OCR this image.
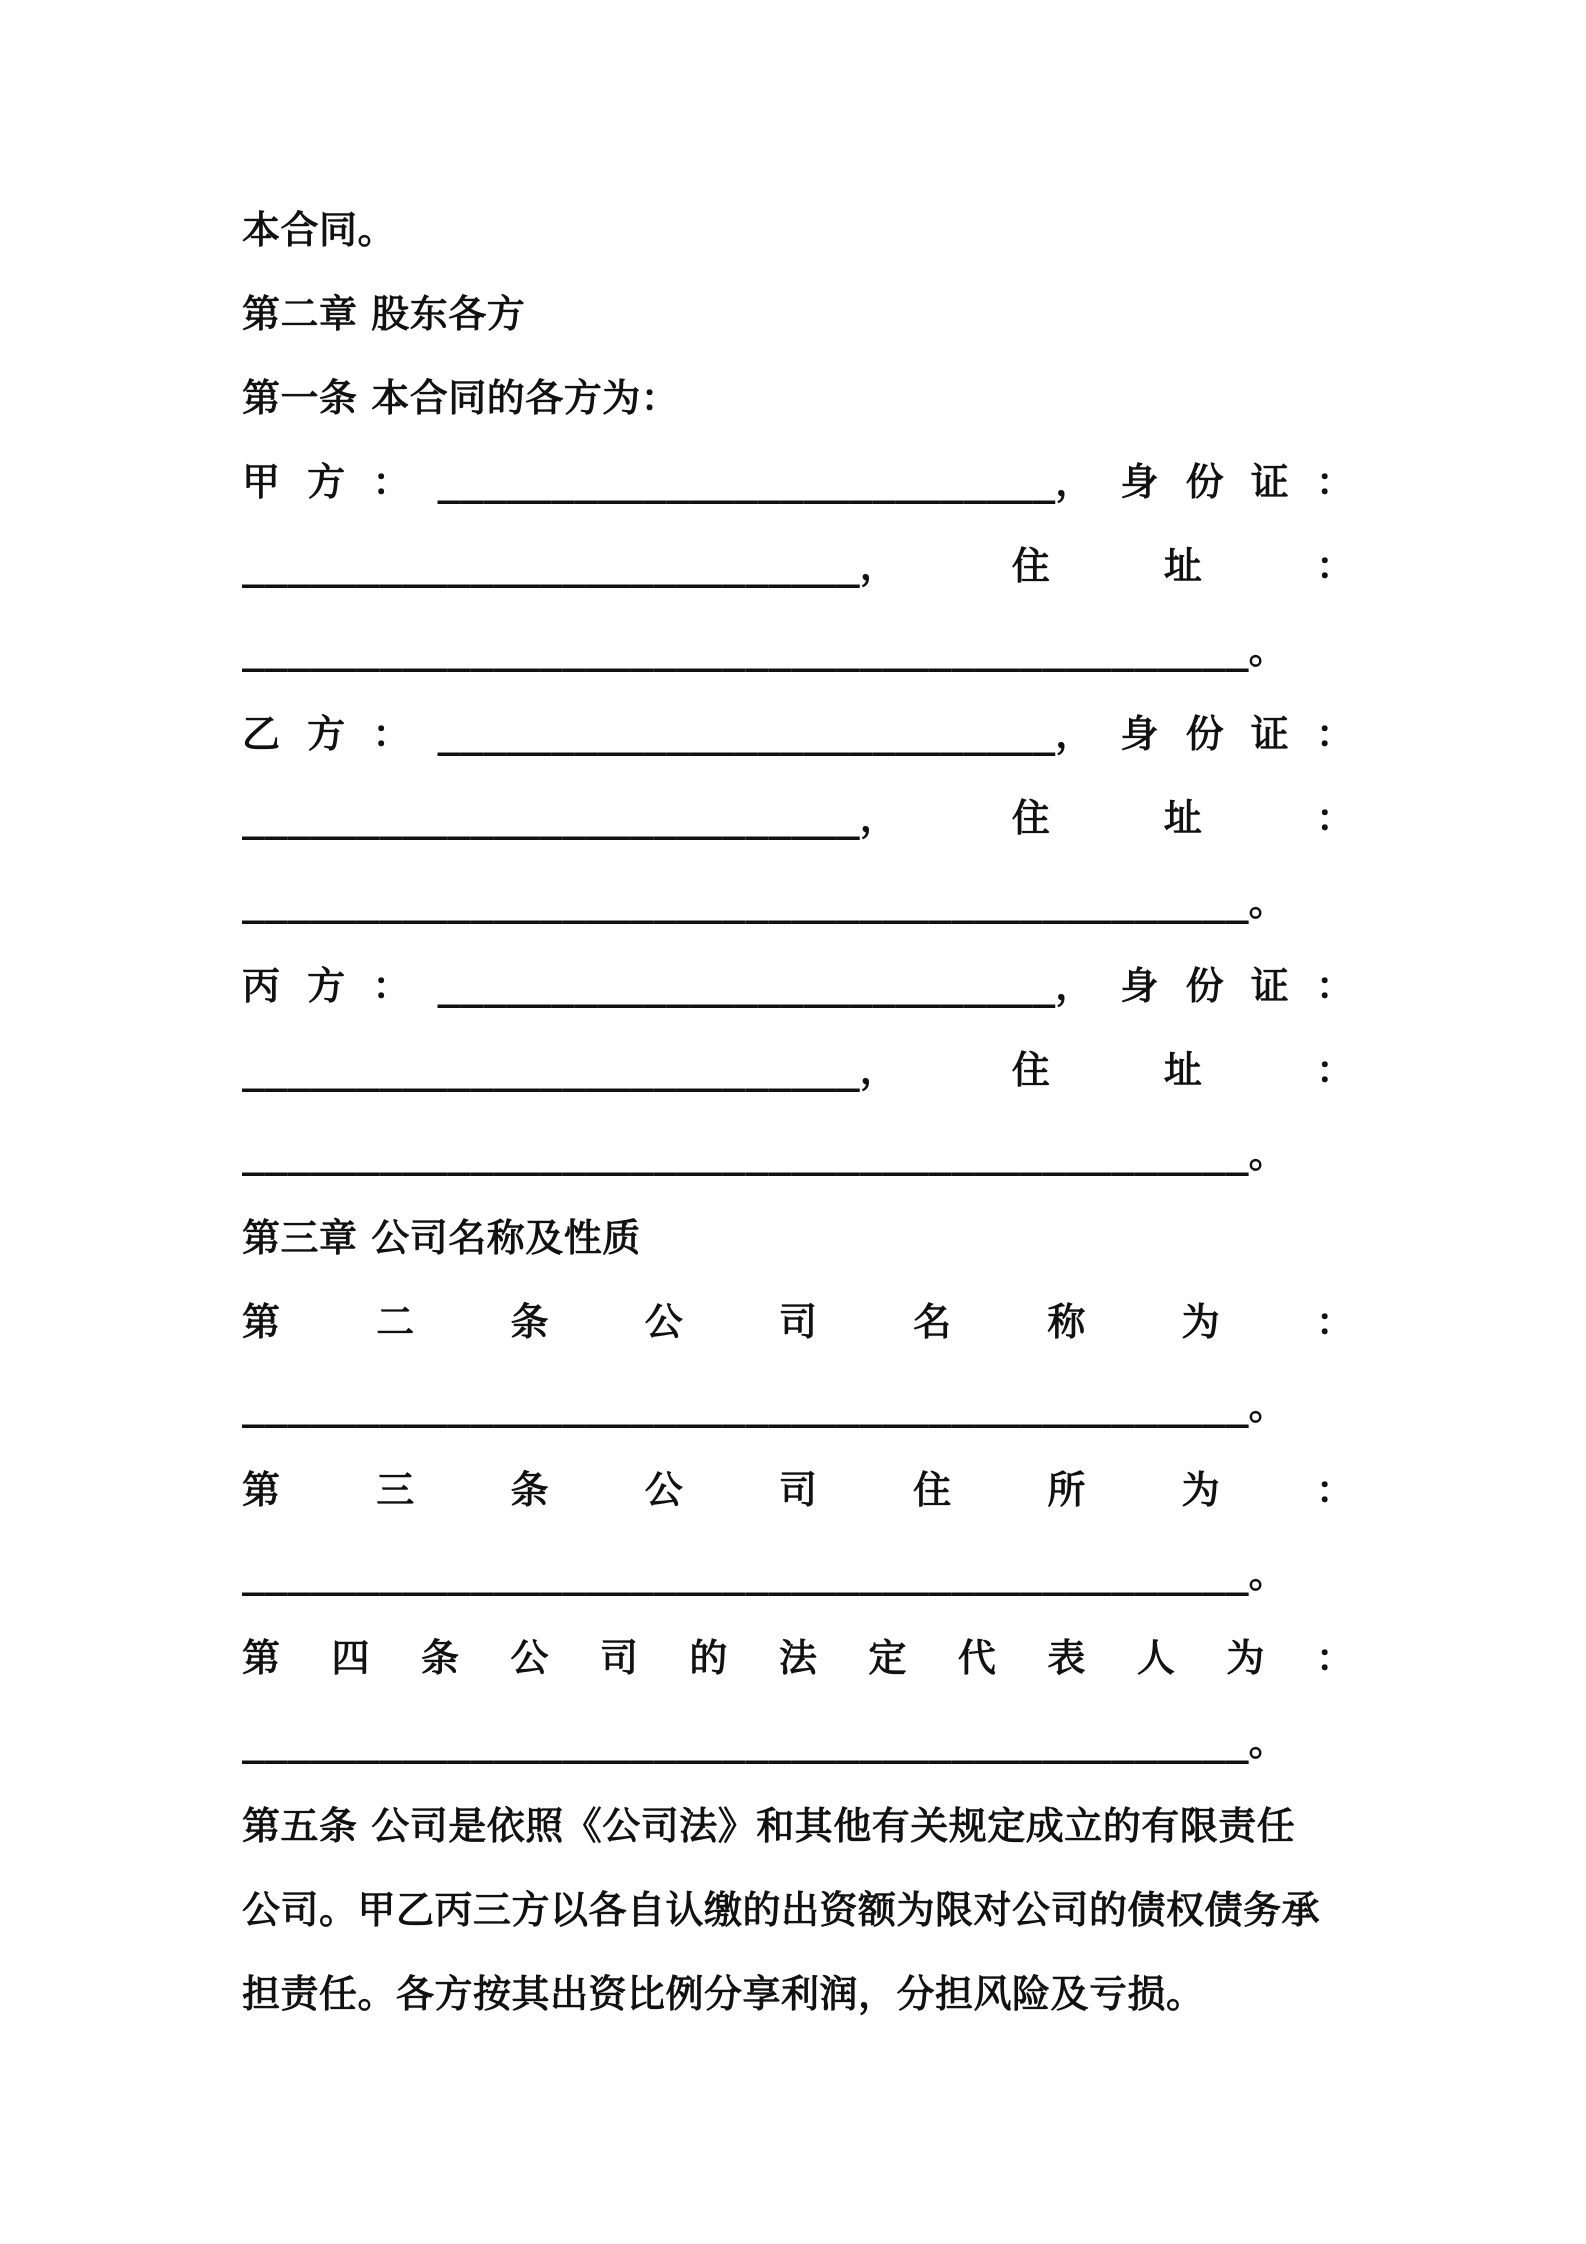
本合同。
第二章 股东各方
第一条 本合同的各方为：
甲 方 ： ___________________________， 身 份 证 ：
___________________________，	住	址	：
____________________________________________。
乙 方 ： ___________________________， 身 份 证 ：
___________________________，	住	址	：
____________________________________________。
丙 方 ： ___________________________， 身 份 证 ：
___________________________，	住	址	：
____________________________________________。
第三章 公司名称及性质
第	二	条	公	司	名	称	为	：
____________________________________________。
第	三	条	公	司	住	所	为	：
____________________________________________。
第 四 条 公 司 的 法 定 代 表 人 为 ：
____________________________________________。
第五条 公司是依照《公司法》和其他有关规定成立的有限责任
公司。甲乙丙三方以各自认缴的出资额为限对公司的债权债务承
担责任。各方按其出资比例分享利润，分担风险及亏损。
